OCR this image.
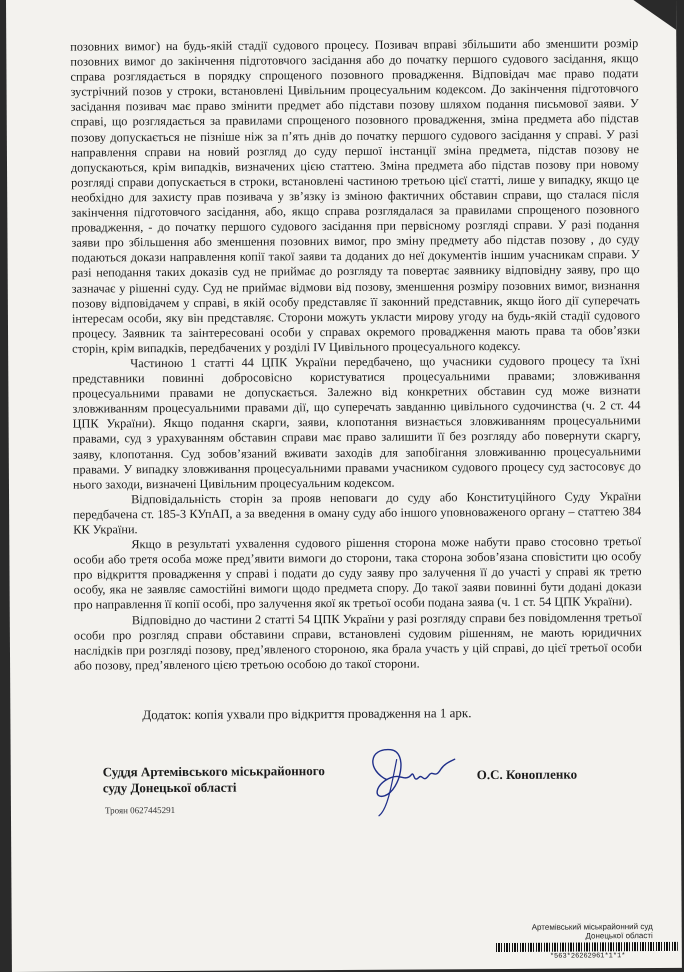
позовних вимог) на будь-якій стадії судового процесу. Позивач вправі збільшити або зменшити розмір позовних вимог до закінчення підготовчого засідання або до початку першого судового засідання, якщо справа розглядається в порядку спрощеного позовного провадження. Відповідач має право подати зустрічний позов у строки, встановлені Цивільним процесуальним кодексом. До закінчення підготовчого засідання позивач має право змінити предмет або підстави позову шляхом подання письмової заяви. У справі, що розглядається за правилами спрощеного позовного провадження, зміна предмета або підстав позову допускається не пізніше ніж за п’ять днів до початку першого судового засідання у справі. У разі направлення справи на новий розгляд до суду першої інстанції зміна предмета, підстав позову не допускаються, крім випадків, визначених цією статтею. Зміна предмета або підстав позову при новому розгляді справи допускається в строки, встановлені частиною третьою цієї статті, лише у випадку, якщо це необхідно для захисту прав позивача у зв’язку із зміною фактичних обставин справи, що сталася після закінчення підготовчого засідання, або, якщо справа розглядалася за правилами спрощеного позовного провадження, - до початку першого судового засідання при первісному розгляді справи. У разі подання заяви про збільшення або зменшення позовних вимог, про зміну предмету або підстав позову , до суду подаються докази направлення копії такої заяви та доданих до неї документів іншим учасникам справи. У разі неподання таких доказів суд не приймає до розгляду та повертає заявнику відповідну заяву, про що зазначає у рішенні суду. Суд не приймає відмови від позову, зменшення розміру позовних вимог, визнання позову відповідачем у справі, в якій особу представляє її законний представник, якщо його дії суперечать інтересам особи, яку він представляє. Сторони можуть укласти мирову угоду на будь-якій стадії судового процесу. Заявник та заінтересовані особи у справах окремого провадження мають права та обов’язки сторін, крім випадків, передбачених у розділі IV Цивільного процесуального кодексу.

Частиною 1 статті 44 ЦПК України передбачено, що учасники судового процесу та їхні представники повинні добросовісно користуватися процесуальними правами; зловживання процесуальними правами не допускається. Залежно від конкретних обставин суд може визнати зловживанням процесуальними правами дії, що суперечать завданню цивільного судочинства (ч. 2 ст. 44 ЦПК України). Якщо подання скарги, заяви, клопотання визнається зловживанням процесуальними правами, суд з урахуванням обставин справи має право залишити її без розгляду або повернути скаргу, заяву, клопотання. Суд зобов’язаний вживати заходів для запобігання зловживанню процесуальними правами. У випадку зловживання процесуальними правами учасником судового процесу суд застосовує до нього заходи, визначені Цивільним процесуальним кодексом.

Відповідальність сторін за прояв неповаги до суду або Конституційного Суду України передбачена ст. 185-3 КУпАП, а за введення в оману суду або іншого уповноваженого органу – статтею 384 КК України.

Якщо в результаті ухвалення судового рішення сторона може набути право стосовно третьої особи або третя особа може пред’явити вимоги до сторони, така сторона зобов’язана сповістити цю особу про відкриття провадження у справі і подати до суду заяву про залучення її до участі у справі як третю особу, яка не заявляє самостійні вимоги щодо предмета спору. До такої заяви повинні бути додані докази про направлення її копії особі, про залучення якої як третьої особи подана заява (ч. 1 ст. 54 ЦПК України).

Відповідно до частини 2 статті 54 ЦПК України у разі розгляду справи без повідомлення третьої особи про розгляд справи обставини справи, встановлені судовим рішенням, не мають юридичних наслідків при розгляді позову, пред’явленого стороною, яка брала участь у цій справі, до цієї третьої особи або позову, пред’явленого цією третьою особою до такої сторони.

Додаток: копія ухвали про відкриття провадження на 1 арк.
Суддя Артемівського міськрайонного
суду Донецької області
Троян 0627445291
О.С. Конопленко
Артемівський міськрайонний суд
Донецької області
*563*26262961*1*1*
